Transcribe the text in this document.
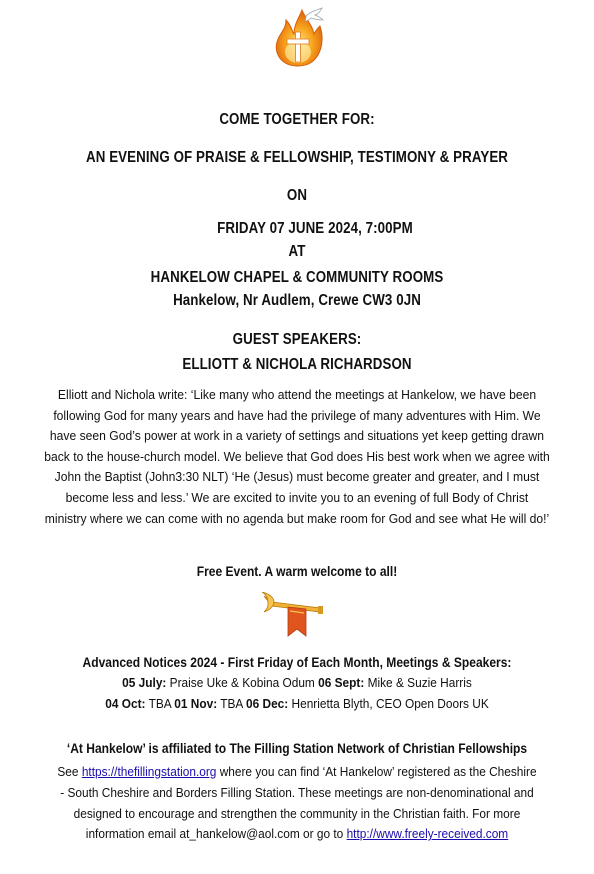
COME TOGETHER FOR:
AN EVENING OF PRAISE & FELLOWSHIP, TESTIMONY & PRAYER
ON
FRIDAY 07 JUNE 2024, 7:00PM
AT
HANKELOW CHAPEL & COMMUNITY ROOMS
Hankelow, Nr Audlem, Crewe CW3 0JN
GUEST SPEAKERS:
ELLIOTT & NICHOLA RICHARDSON
Elliott and Nichola write: ‘Like many who attend the meetings at Hankelow, we have been
following God for many years and have had the privilege of many adventures with Him. We
have seen God’s power at work in a variety of settings and situations yet keep getting drawn
back to the house-church model. We believe that God does His best work when we agree with
John the Baptist (John3:30 NLT) ‘He (Jesus) must become greater and greater, and I must
become less and less.’ We are excited to invite you to an evening of full Body of Christ
ministry where we can come with no agenda but make room for God and see what He will do!’
Free Event. A warm welcome to all!
Advanced Notices 2024 - First Friday of Each Month, Meetings & Speakers:
05 July: Praise Uke & Kobina Odum 06 Sept: Mike & Suzie Harris
04 Oct: TBA 01 Nov: TBA 06 Dec: Henrietta Blyth, CEO Open Doors UK
‘At Hankelow’ is affiliated to The Filling Station Network of Christian Fellowships
See https://thefillingstation.org where you can find ‘At Hankelow’ registered as the Cheshire
- South Cheshire and Borders Filling Station. These meetings are non-denominational and
designed to encourage and strengthen the community in the Christian faith. For more
information email at_hankelow@aol.com or go to http://www.freely-received.com
